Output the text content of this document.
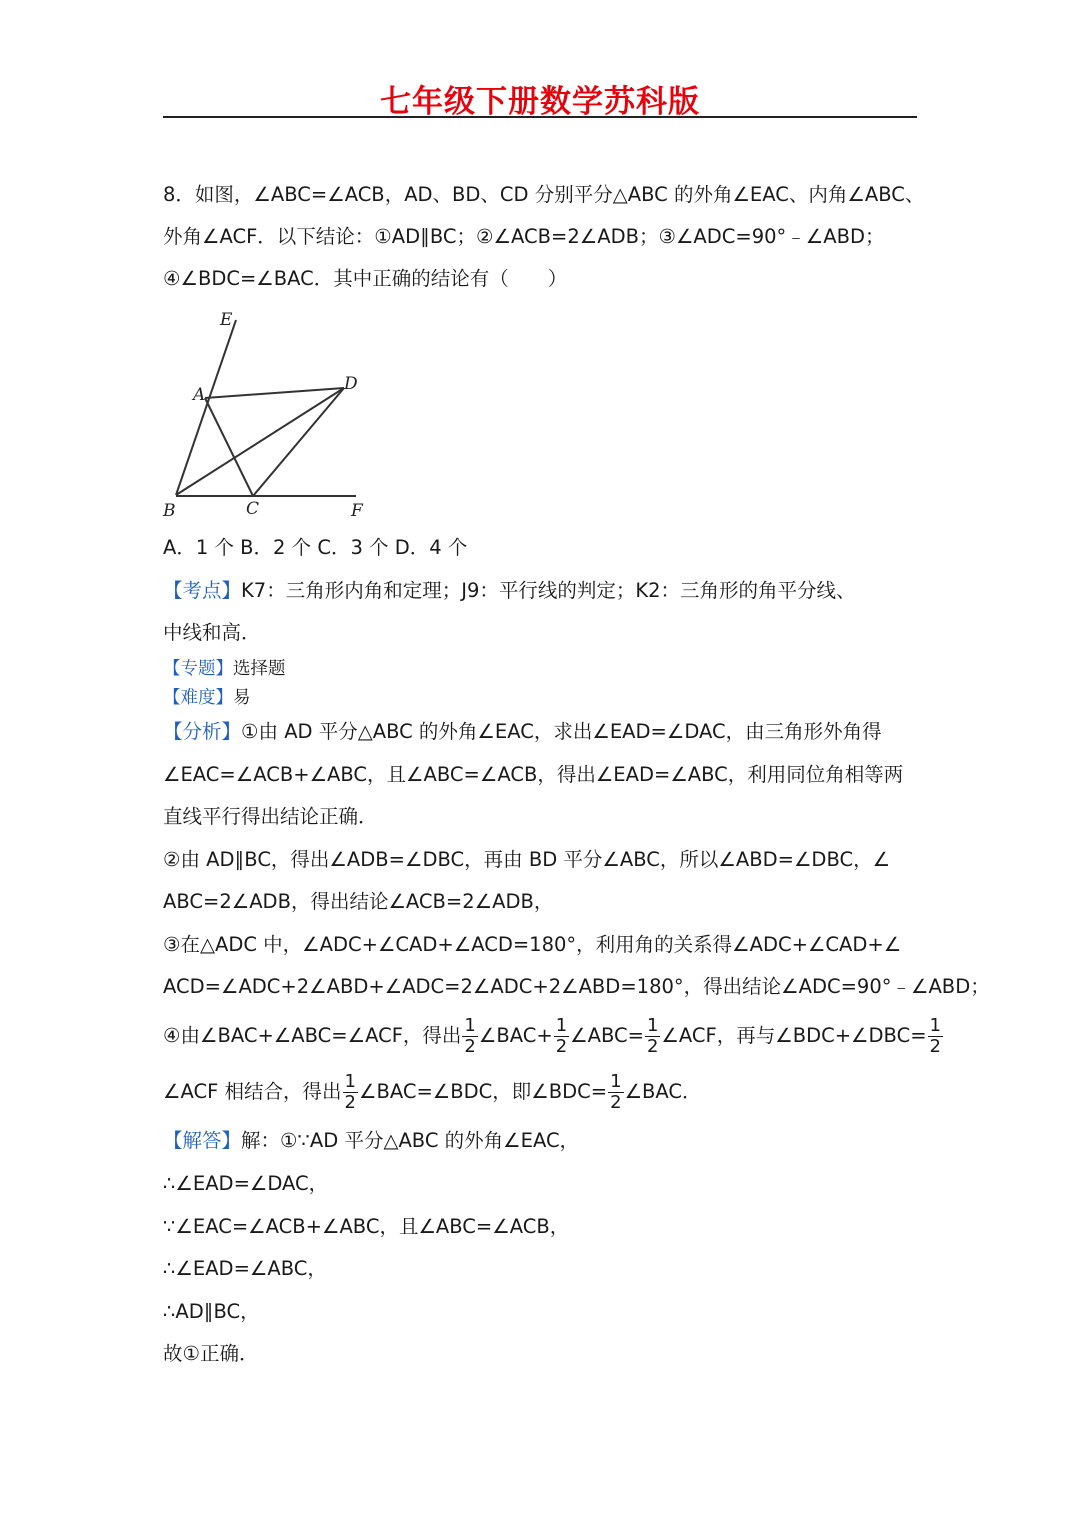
七年级下册数学苏科版
8．如图，∠ABC=∠ACB，AD、BD、CD 分别平分△ABC 的外角∠EAC、内角∠ABC、
外角∠ACF．以下结论：①AD∥BC；②∠ACB=2∠ADB；③∠ADC=90°﹣∠ABD；
④∠BDC=∠BAC．其中正确的结论有（　　）
E
A
D
B	C	F
A．1 个 B．2 个 C．3 个 D．4 个
【考点】K7：三角形内角和定理；J9：平行线的判定；K2：三角形的角平分线、
中线和高．
【专题】选择题
【难度】易
【分析】①由 AD 平分△ABC 的外角∠EAC，求出∠EAD=∠DAC，由三角形外角得
∠EAC=∠ACB+∠ABC，且∠ABC=∠ACB，得出∠EAD=∠ABC，利用同位角相等两
直线平行得出结论正确．
②由 AD∥BC，得出∠ADB=∠DBC，再由 BD 平分∠ABC，所以∠ABD=∠DBC，∠
ABC=2∠ADB，得出结论∠ACB=2∠ADB，
③在△ADC 中，∠ADC+∠CAD+∠ACD=180°，利用角的关系得∠ADC+∠CAD+∠
ACD=∠ADC+2∠ABD+∠ADC=2∠ADC+2∠ABD=180°，得出结论∠ADC=90°﹣∠ABD；
④由∠BAC+∠ABC=∠ACF，得出 $\frac{1}{2}$ ∠BAC+ $\frac{1}{2}$ ∠ABC= $\frac{1}{2}$ ∠ACF，再与∠BDC+∠DBC= $\frac{1}{2}$
∠ACF 相结合，得出 $\frac{1}{2}$ ∠BAC=∠BDC，即∠BDC= $\frac{1}{2}$ ∠BAC．
【解答】解：①∵AD 平分△ABC 的外角∠EAC，
∴∠EAD=∠DAC，
∵∠EAC=∠ACB+∠ABC，且∠ABC=∠ACB，
∴∠EAD=∠ABC，
∴AD∥BC，
故①正确．
